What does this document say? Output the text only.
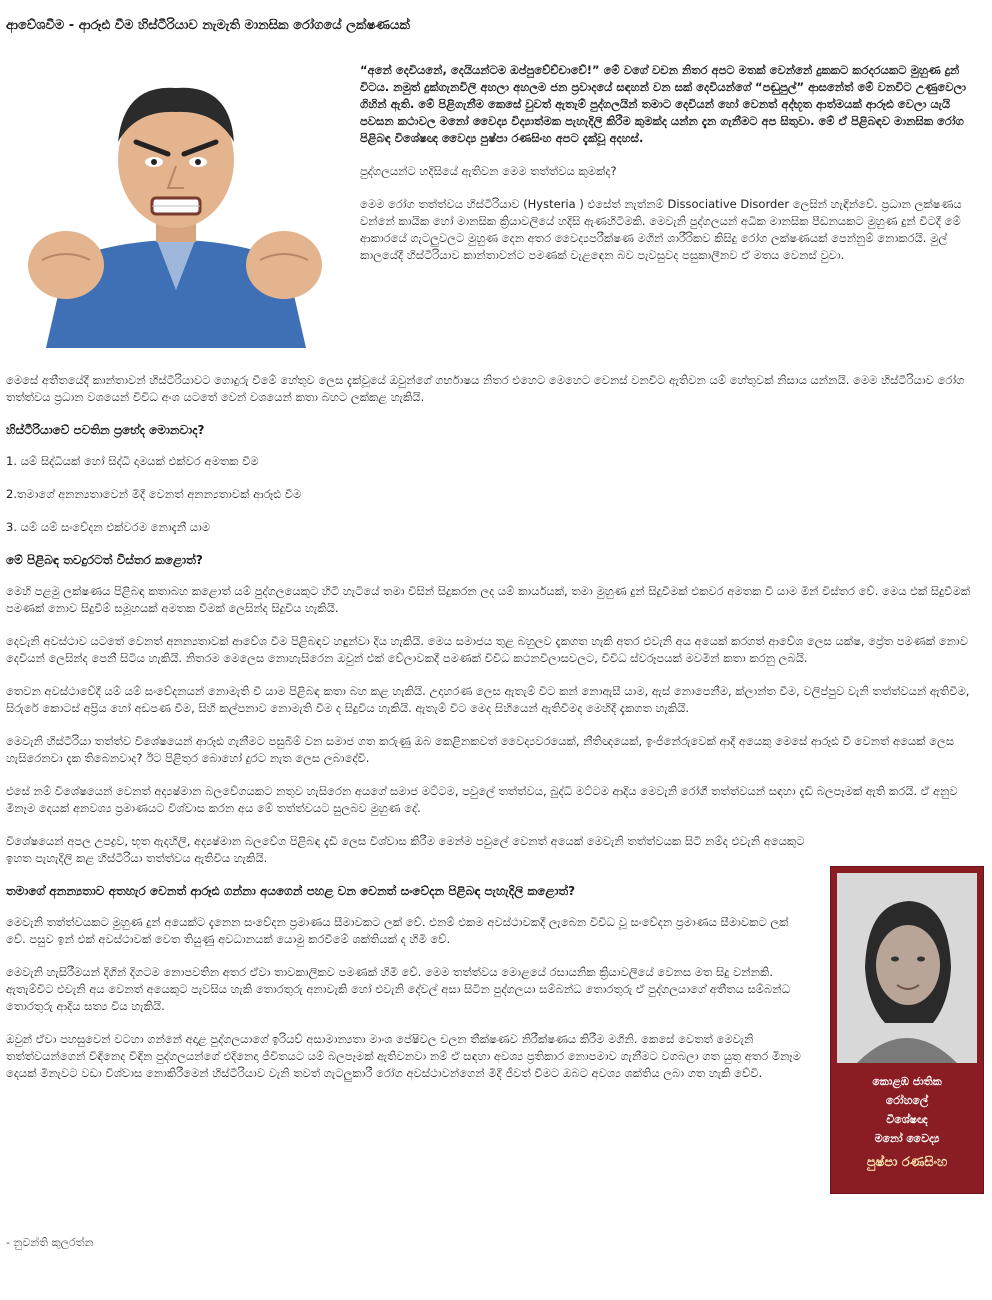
ආවේශවීම - ආරූඪ වීම හිස්ටීරියාව නැමැති මානසික රෝගයේ ලක්ෂණයක්

“අනේ දෙවියනේ, දෙයියන්ටම ඔප්පුවේච්චාවේ!” මේ වගේ වචන නිතර අපට මතක් වෙන්නේ දුකකට කරදරයකට මුහුණ දුන් විටය. නමුත් දුක්ගැනවිලි අහලා අහලම ජන ප්‍රවාදයේ සඳහන් වන සක් දෙවියන්ගේ “පඬුපුල්” ආසනේත් මේ වනවිට උණුවෙලා ගිහින් ඇති. මේ පිළිගැනීම කෙසේ වුවත් ඇතැම් පුද්ගලයින් තමාට දෙවියන් හෝ වෙනත් අද්භූත ආත්මයක් ආරූඪ වෙලා යැයි පවසන කථාවල මනෝ වෛද්‍ය විද්‍යාත්මක පැහැදිලි කිරීම කුමක්ද යන්න දැන ගැනීමට අප සිතුවා. මේ ඒ පිළිබඳව මානසික රෝග පිළිබඳ විශේෂඥ වෛද්‍ය පුෂ්පා රණසිංහ අපට දැක්වූ අදහස්.

පුද්ගලයන්ට හදිසියේ ඇතිවන මෙම තත්ත්වය කුමක්ද?

මෙම රෝග තත්ත්වය හිස්ටීරියාව (Hysteria ) එසේත් නැත්නම් Dissociative Disorder ලෙසින් හැඳින්වේ. ප්‍රධාන ලක්ෂණය වන්නේ කායික හෝ මානසික ක්‍රියාවලියේ හදිසි ඇණහිටීමකි. මෙවැනි පුද්ගලයන් අධික මානසික පීඩනයකට මුහුණ දුන් විටදී මේ ආකාරයේ ගැටලුවලට මුහුණ දෙන අතර වෛද්‍යපරීක්ෂණ මගින් ශාරීරිකව කිසිදු රෝග ලක්ෂණයක් පෙන්නුම් නොකරයි. මුල් කාලයේදී හිස්ටීරියාව කාන්තාවන්ට පමණක් වැළඳෙන බව පැවසුවද පසුකාලීනව ඒ මතය වෙනස් වුවා.

මෙසේ අතීතයේදී කාන්තාවන් හිස්ටීරියාවට ගොදුරු වීමේ හේතුව ලෙස දැක්වූයේ ඔවුන්ගේ ගර්භාෂය නිතර එහෙට මෙහෙට වෙනස් වනවිට ඇතිවන යම් හේතුවක් නිසාය යන්නයි. මෙම හිස්ටීරියාව රෝග තත්ත්වය ප්‍රධාන වශයෙන් විවිධ අංශ යටතේ වෙන් වශයෙන් කතා බහට ලක්කළ හැකියි.

හිස්ටීරියාවේ පවතින ප්‍රභේද මොනවාද?

1. යම් සිද්ධියක් හෝ සිද්ධි දාමයක් එක්වර අමතක වීම

2.තමාගේ අනන්‍යතාවෙන් මිදී වෙනත් අනන්‍යතාවක් ආරූඪ වීම

3. යම් යම් සංවේදන එක්වරම නොදැනී යාම

මේ පිළිබඳ තවදුරටත් විස්තර කළොත්?

මෙහි පළමු ලක්ෂණය පිළිබඳ කතාබහ කළොත් යම් පුද්ගලයෙකුට හිටි හැටියේ තමා විසින් සිදුකරන ලද යම් කාර්යයක්, තමා මුහුණ දුන් සිදුවීමක් එකවර අමතක වී යාම මින් විස්තර වේ. මෙය එක් සිදුවීමක් පමණක් නොව සිදුවීම් සමූහයක් අමතක වීමක් ලෙසින්ද සිදුවිය හැකියි.

දෙවැනි අවස්ථාව යටතේ වෙනත් අනන්‍යතාවක් ආවේශ වීම පිළිබඳව හඳුන්වා දිය හැකියි. මෙය සමාජය තුළ බහුලව දැකගත හැකි අතර එවැනි අය අයෙක් කරගත් ආවේශ ලෙස යක්ෂ, ප්‍රේත පමණක් නොව දෙවියන් ලෙසින්ද පෙනී සිටිය හැකියි. නිතරම මෙලෙස නොහැසිරෙන ඔවුන් එක් වේලාවකදී පමණක් විවිධ කථනවිලාසවලට, විවිධ ස්වරූපයක් මවමින් කතා කරනු ලබයි.

තෙවන අවස්ථාවේදී යම් යම් සංවේදනයන් නොමැති වී යාම පිළිබඳ කතා බහ කළ හැකියි. උදාහරණ ලෙස ඇතැම් විට කන් නොඇසී යාම, ඇස් නොපෙනීම, ක්ලාන්ත වීම, වලිප්පුව වැනි තත්ත්වයන් ඇතිවීම, සිරුරේ කොටස් අප්‍රිය හෝ අඩපණ වීම, සිහි කල්පනාව නොමැති වීම ද සිදුවිය හැකියි. ඇතැම් විට මෙද සිහියෙන් ඇතිවීමද මෙහිදී දැකගත හැකියි.

මෙවැනි හිස්ටීරියා තත්ත්ව විශේෂයෙන් ආරූඪ ගැනීමට පසුබිම් වන සමාජ ගත කරුණු ඔබ කෙළිනකවත් වෛද්‍යවරයෙක්, නීතිඥයෙක්, ඉංජිනේරුවෙක් ආදී අයෙකු මෙසේ ආරූඪ වී වෙනත් අයෙක් ලෙස හැසිරෙනවා දැක තිබෙනවාද? ඊට පිළිතුර බොහෝ දුරට නැත ලෙස ලබාදේවි.

එසේ නම් විශේෂයෙන් වෙනත් අද්‍යෂ්මාන බලවේගයකට නතුව හැසිරෙන අයගේ සමාජ මට්ටම, පවුලේ තත්ත්වය, බුද්ධි මට්ටම ආදිය මෙවැනි රෝගී තත්ත්වයන් සඳහා දැඩි බලපෑමක් ඇති කරයි. ඒ අනුව මිනෑම දෙයක් අනවශ්‍ය ප්‍රමාණයට විශ්වාස කරන අය මේ තත්ත්වයට සුලබව මුහුණ දේ.

විශේෂයෙන් අපල උපද්‍රව, භූත ඇදහිලි, අද්‍යෂ්මාන බලවේග පිළිබඳ දැඩි ලෙස විශ්වාස කිරීම මෙන්ම පවුලේ වෙනත් අයෙක් මෙවැනි තත්ත්වයක සිටි නම්ද එවැනි අයෙකුට ඉහත පැහැදිලි කළ හිස්ටීරියා තත්ත්වය ඇතිවිය හැකියි.

තමාගේ අනන්‍යතාව අතහැර වෙනත් ආරූඪ ගන්නා අයගෙන් පහළ වන වෙනත් සංවේදන පිළිබඳ පැහැදිලි කළොත්?

මෙවැනි තත්ත්වයකට මුහුණ දුන් අයෙක්ට දැනෙන සංවේදන ප්‍රමාණය සීමාවකට ලක් වේ. එනම් එකම අවස්ථාවකදී ලැබෙන විවිධ වූ සංවේදන ප්‍රමාණය සීමාවකට ලක් වේ. පසුව ඉන් එක් අවස්ථාවක් වෙත තියුණු අවධානයක් යොමු කරවීමේ ශක්තියක් ද හිමි වේ.

මෙවැනි හැසිරීමයන් දිගින් දිගටම නොපවතින අතර ඒවා තාවකාලිකව පමණක් හිමි වේ. මෙම තත්ත්වය මොළයේ රසායනික ක්‍රියාවලියේ වෙනස මත සිදු වන්නකි. ඇතැම්විට එවැනි අය වෙනත් අයෙකුට පැවසිය හැකි තොරතුරු අනාවැකි හෝ එවැනි දේවල් අසා සිටින පුද්ගලයා සම්බන්ධ තොරතුරු ඒ පුද්ගලයාගේ අතීතය සම්බන්ධ තොරතුරු ආදිය සත්‍ය විය හැකියි.

ඔවුන් ඒවා පහසුවෙන් වටහා ගන්නේ අදාළ පුද්ගලයාගේ ඉරියව් අසාමාන්‍යතා මාංශ පේෂිවල චලන තීක්ෂණව නිරීක්ෂණය කිරීම මගිනි. කෙසේ වෙතත් මෙවැනි තත්ත්වයන්ගෙන් විඳිනෙද විඳින පුද්ගලයන්ගේ එදිනෙදා ජීවිතයට යම් බලපෑමක් ඇතිවනවා නම් ඒ සඳහා අවශ්‍ය ප්‍රතිකාර නොපමාව ගැනීමට වගබලා ගත යුතු අතර මිනෑම දෙයක් මිනැවට වඩා විශ්වාස නොකිරීමෙන් හිස්ටීරියාව වැනි තවත් ගැටලුකාරී රෝග අවස්ථාවන්ගෙන් මිදී ජීවත් වීමට ඔබට අවශ්‍ය ශක්තිය ලබා ගත හැකි වේවි.

කොළඹ ජාතික
රෝහලේ
විශේෂඥ
මනෝ වෛද්‍ය
පුෂ්පා රණසිංහ
- නුවන්ති කුලරත්න
